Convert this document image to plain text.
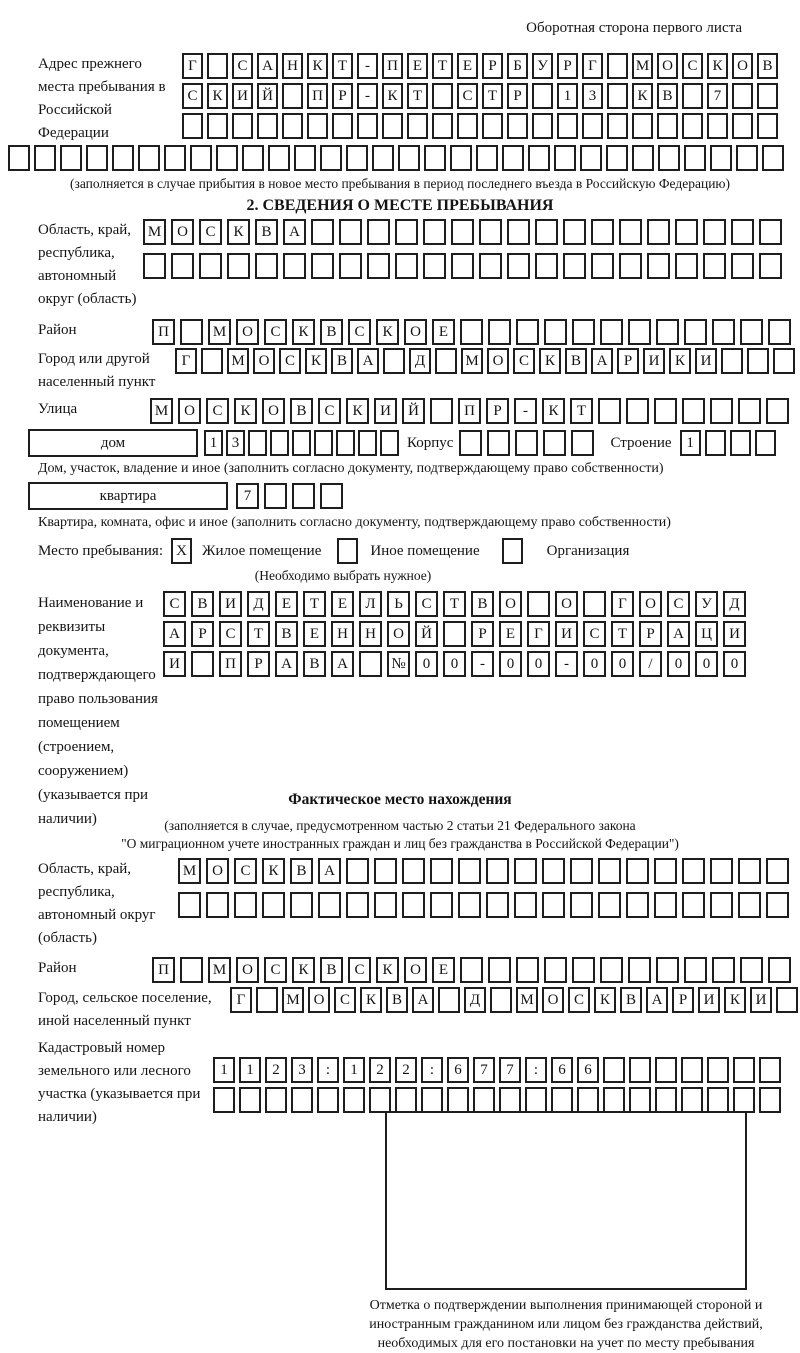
Оборотная сторона первого листа
Адрес прежнего места пребывания в Российской Федерации
Г	С А Н К	Т	-	П Е	Т	Е	Р	Б	У	Р	Г	М О С К О В
С К И Й	П	Р	-	К	Т	С	Т	Р	1	3	К В	7
(заполняется в случае прибытия в новое место пребывания в период последнего въезда в Российскую Федерацию)
2. СВЕДЕНИЯ О МЕСТЕ ПРЕБЫВАНИЯ
Область, край, республика, автономный округ (область)
М	О	С	К	В	А
Район	П	М	О	С	К	В	С	К	О	Е
Город или другой населенный пункт
Г	М О	С	К	В	А	Д	М О	С	К	В	А	Р	И	К	И
Улица	М	О	С	К	О	В	С	К	И	Й	П	Р	-	К	Т
дом	1 3	Корпус	Строение 1
Дом, участок, владение и иное (заполнить согласно документу, подтверждающему право собственности)
квартира	7
Квартира, комната, офис и иное (заполнить согласно документу, подтверждающему право собственности)
Место пребывания: X	Жилое помещение	Иное помещение	Организация
(Необходимо выбрать нужное)
Наименование и реквизиты документа, подтверждающего право пользования помещением (строением, сооружением) (указывается при наличии)
С	В	И	Д	Е	Т	Е	Л	Ь	С	Т	В	О	О	Г	О	С	У	Д
А	Р	С	Т	В	Е	Н	Н	О	Й	Р	Е	Г	И	С	Т	Р	А	Ц	И
И	П	Р	А	В	А	№	0	0	-	0	0	-	0	0	/	0	0	0
Фактическое место нахождения
(заполняется в случае, предусмотренном частью 2 статьи 21 Федерального закона
"О миграционном учете иностранных граждан и лиц без гражданства в Российской Федерации")
Область, край, республика, автономный округ (область)
М	О	С	К	В	А
Район	П	М	О	С	К	В	С	К	О	Е
Город, сельское поселение, иной населенный пункт
Г	М О	С	К	В	А	Д	М О	С	К	В	А	Р	И	К	И
Кадастровый номер земельного или лесного участка (указывается при наличии)
1	1	2	3	:	1	2	2	:	6	7	7	:	6	6
Отметка о подтверждении выполнения принимающей стороной и иностранным гражданином или лицом без гражданства действий, необходимых для его постановки на учет по месту пребывания
